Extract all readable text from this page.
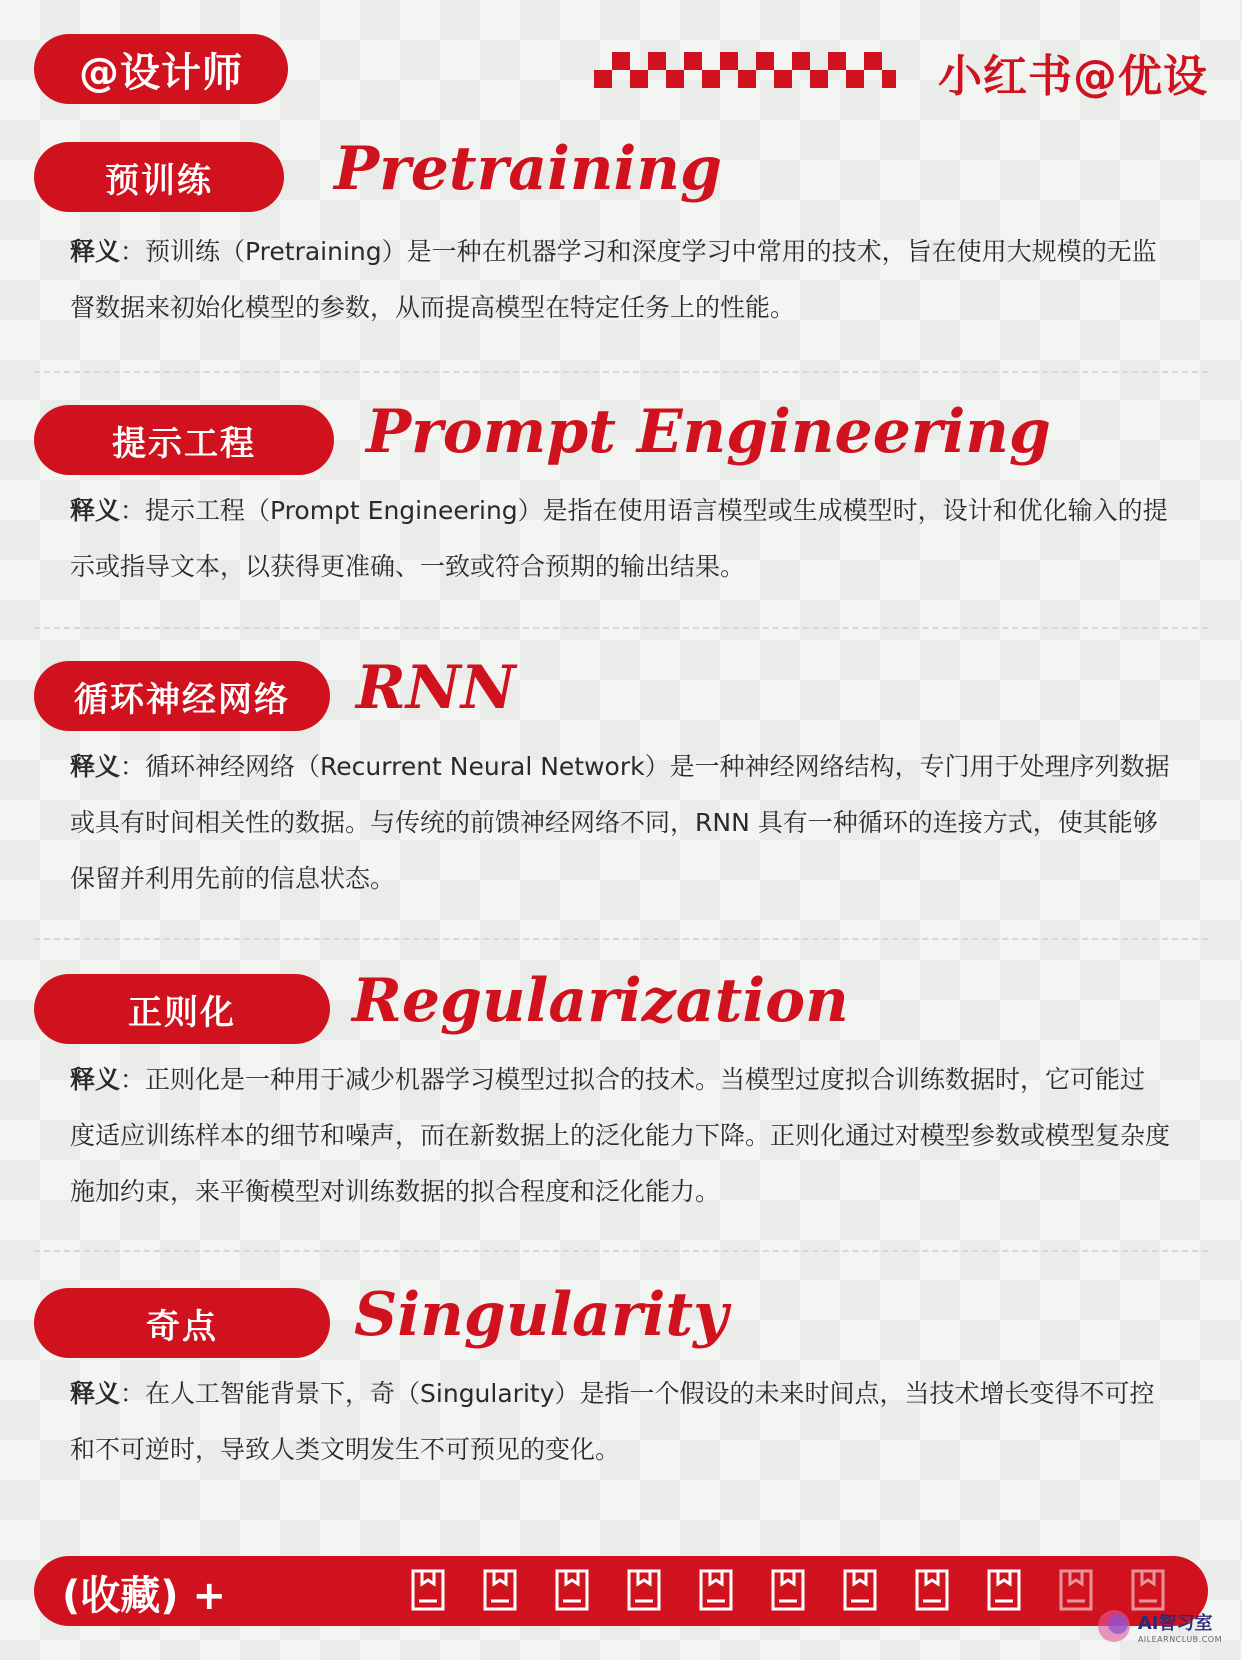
@设计师	小红书@优设
预训练	Pretraining
释义：预训练（Pretraining）是一种在机器学习和深度学习中常用的技术，旨在使用大规模的无监督数据来初始化模型的参数，从而提高模型在特定任务上的性能。
提示工程	Prompt Engineering
释义：提示工程（Prompt Engineering）是指在使用语言模型或生成模型时，设计和优化输入的提示或指导文本，以获得更准确、一致或符合预期的输出结果。
循环神经网络	RNN
释义：循环神经网络（Recurrent Neural Network）是一种神经网络结构，专门用于处理序列数据或具有时间相关性的数据。与传统的前馈神经网络不同，RNN 具有一种循环的连接方式，使其能够保留并利用先前的信息状态。
正则化	Regularization
释义：正则化是一种用于减少机器学习模型过拟合的技术。当模型过度拟合训练数据时，它可能过度适应训练样本的细节和噪声，而在新数据上的泛化能力下降。正则化通过对模型参数或模型复杂度施加约束，来平衡模型对训练数据的拟合程度和泛化能力。
奇点	Singularity
释义：在人工智能背景下，奇（Singularity）是指一个假设的未来时间点，当技术增长变得不可控和不可逆时，导致人类文明发生不可预见的变化。
(收藏) +
AI智习室
AILEARNCLUB.COM
